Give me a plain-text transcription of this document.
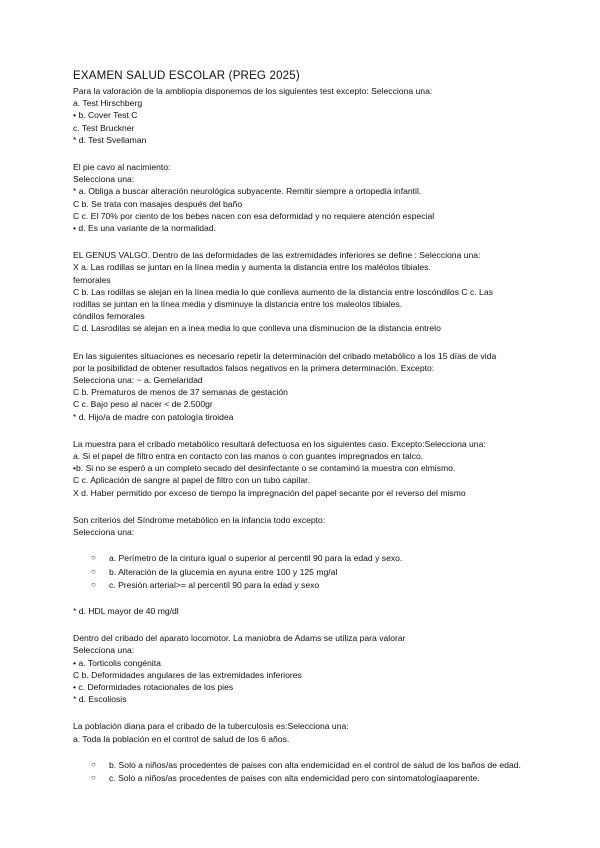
EXAMEN SALUD ESCOLAR (PREG 2025)
Para la valoración de la ambliopía disponemos de los siguientes test excepto: Selecciona una:
a. Test Hirschberg
• b. Cover Test C
c. Test Bruckner
* d. Test Svellaman
El pie cavo al nacimiento:
Selecciona una:
* a. Obliga a buscar alteración neurológica subyacente. Remitir siempre a ortopedia infantil.
C b. Se trata con masajes después del baño
C c. El 70% por ciento de los bebes nacen con esa deformidad y no requiere atención especial
• d. Es una variante de la normalidad.
EL GENUS VALGO. Dentro de las deformidades de las extremidades inferiores se define : Selecciona una:
X a. Las rodillas se juntan en la línea media y aumenta la distancia entre los maléolos tibiales.
femorales
C b. Las rodillas se alejan en la línea media lo que conlleva aumento de la distancia entre loscóndilos C c. Las
rodillas se juntan en la línea media y disminuye la distancia entre los maleolos tibiales.
cóndilos femorales
C d. Lasrodilas se alejan en a inea media lo que conlleva una disminucion de la distancia entrelo
En las siguientes situaciones es necesario repetir la determinación del cribado metabólico a los 15 días de vida
por la posibilidad de obtener resultados falsos negativos en la primera determinación. Excepto:
Selecciona una: ~ a. Gemelaridad
C b. Prematuros de menos de 37 semanas de gestación
C c. Bajo peso al nacer < de 2.500gr
* d. Hijo/a de madre con patología tiroidea
La muestra para el cribado metabólico resultará defectuosa en los siguientes caso. Excepto:Selecciona una:
a. Si el papel de filtro entra en contacto con las manos o con guantes impregnados en talco.
•b. Si no se esperó a un completo secado del desinfectante o se contaminó la muestra con elmismo.
C c. Aplicación de sangre al papel de filtro con un tubo capilar.
X d. Haber permitido por exceso de tiempo la impregnación del papel secante por el reverso del mismo
Son criterios del Síndrome metabólico en la infancia todo excepto:
Selecciona una:
○ a. Perímetro de la cintura igual o superior al percentil 90 para la edad y sexo.
○ b. Alteración de la glucemia en ayuna entre 100 y 125 mg/al
○ c. Presión arterial>= al percentil 90 para la edad y sexo
* d. HDL mayor de 40 mg/dl
Dentro del cribado del aparato locomotor. La maniobra de Adams se utiliza para valorar
Selecciona una:
• a. Torticolis congénita
C b. Deformidades angulares de las extremidades inferiores
• c. Deformidades rotacionales de los pies
* d. Escoliosis
La población diana para el cribado de la tuberculosis es:Selecciona una:
a. Toda la población en el control de salud de los 6 años.
○ b. Solo a niños/as procedentes de paises con alta endemicidad en el control de salud de los baños de edad.
○ c. Solo a niños/as procedentes de paises con alta endemicidad pero con sintomatologíaaparente.
